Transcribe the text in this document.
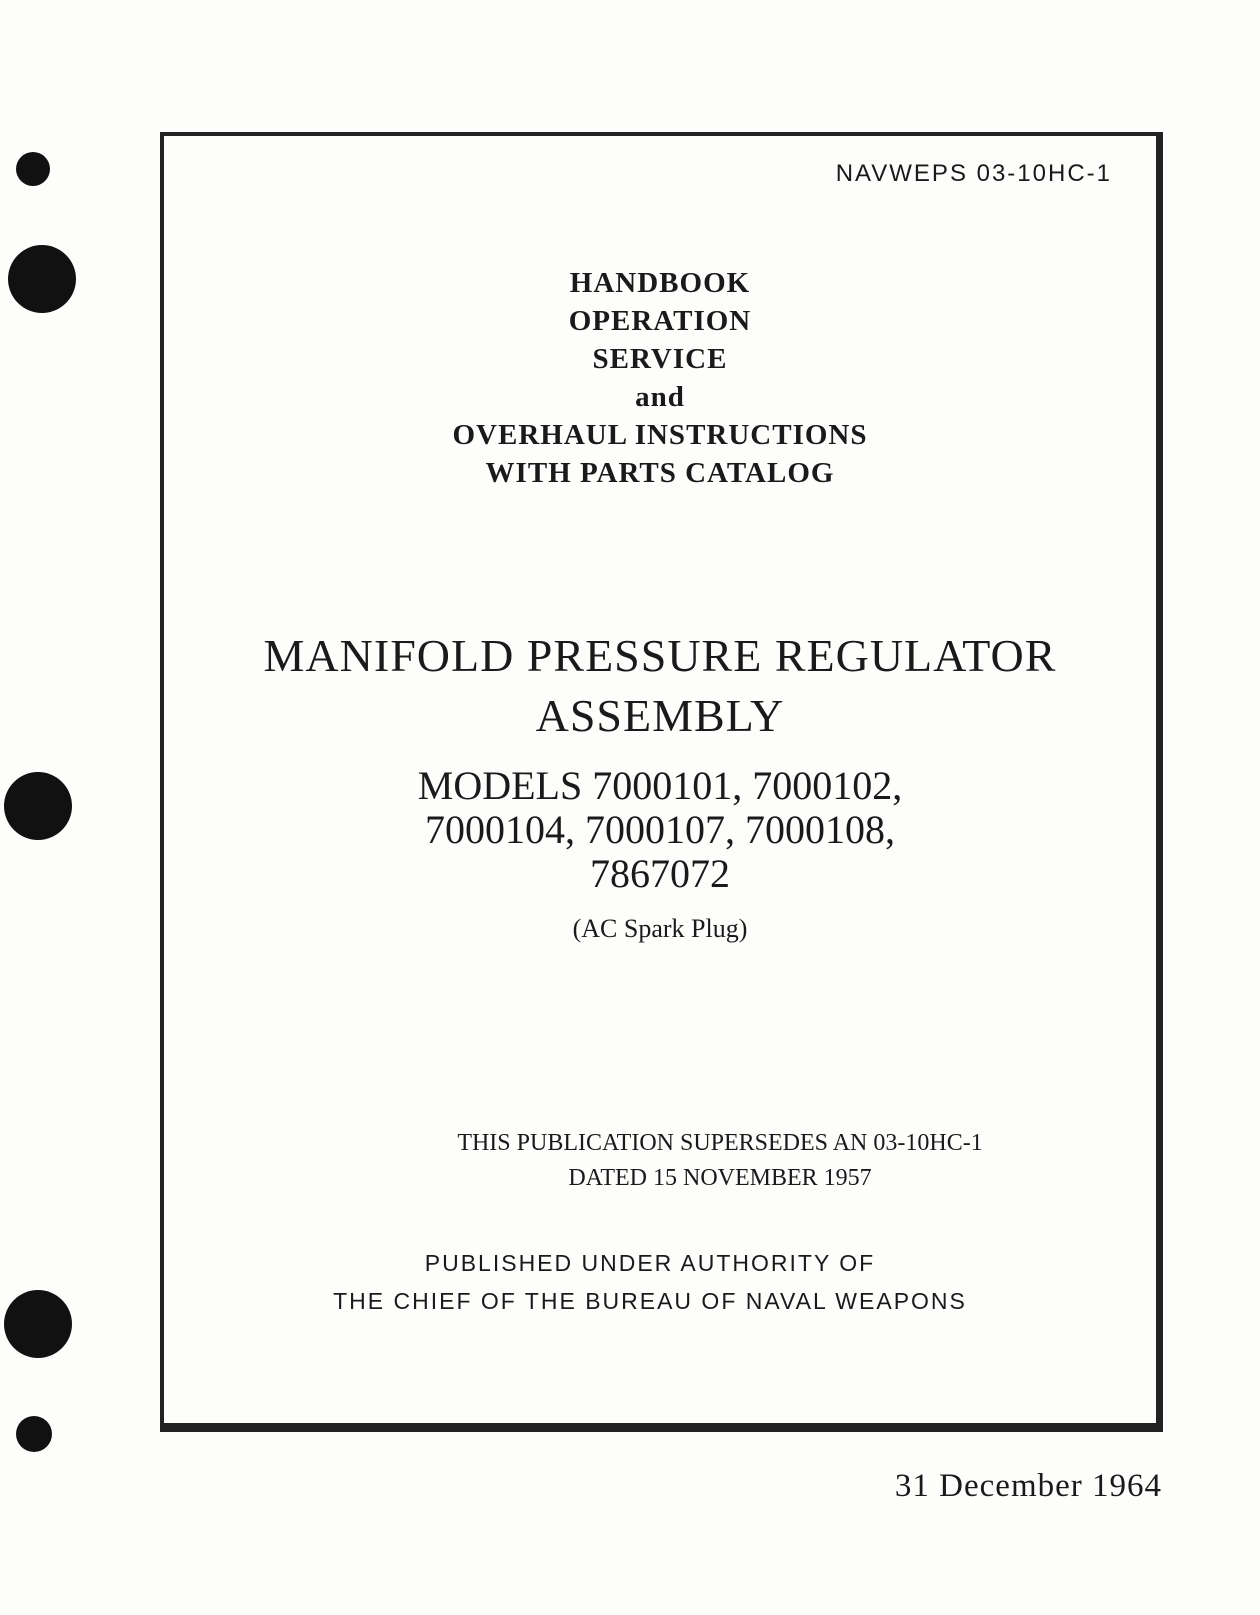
NAVWEPS 03-10HC-1
HANDBOOK
OPERATION
SERVICE
and
OVERHAUL INSTRUCTIONS
WITH PARTS CATALOG
MANIFOLD PRESSURE REGULATOR
ASSEMBLY
MODELS 7000101, 7000102,
7000104, 7000107, 7000108,
7867072
(AC Spark Plug)
THIS PUBLICATION SUPERSEDES AN 03-10HC-1
DATED 15 NOVEMBER 1957
PUBLISHED UNDER AUTHORITY OF
THE CHIEF OF THE BUREAU OF NAVAL WEAPONS
31 December 1964
